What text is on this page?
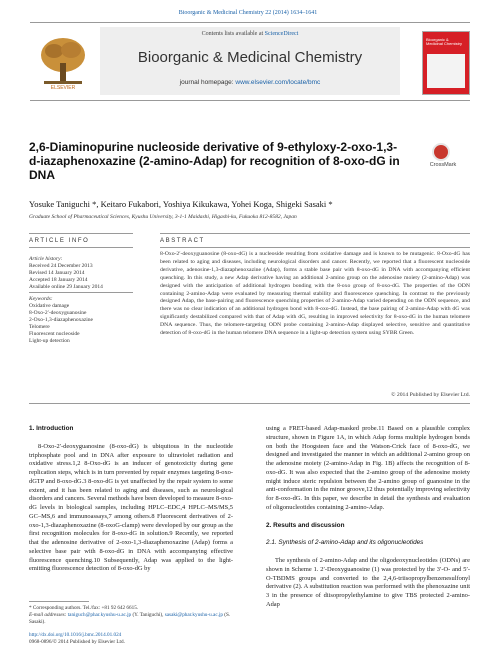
Bioorganic & Medicinal Chemistry 22 (2014) 1634–1641
ELSEVIER
Contents lists available at ScienceDirect
Bioorganic & Medicinal Chemistry
journal homepage: www.elsevier.com/locate/bmc
Bioorganic & Medicinal Chemistry
2,6-Diaminopurine nucleoside derivative of 9-ethyloxy-2-oxo-1,3-d-iazaphenoxazine (2-amino-Adap) for recognition of 8-oxo-dG in DNA
CrossMark
Yosuke Taniguchi *, Keitaro Fukabori, Yoshiya Kikukawa, Yohei Koga, Shigeki Sasaki *
Graduate School of Pharmaceutical Sciences, Kyushu University, 3-1-1 Maidashi, Higashi-ku, Fukuoka 812-8582, Japan
ARTICLE INFO
Article history:
Received 24 December 2013
Revised 14 January 2014
Accepted 18 January 2014
Available online 29 January 2014
Keywords:
Oxidative damage
8-Oxo-2′-deoxyguanosine
2-Oxo-1,3-diazaphenoxazine
Telomere
Fluorescent nucleoside
Light-up detection
ABSTRACT

8-Oxo-2′-deoxyguanosine (8-oxo-dG) is a nucleoside resulting from oxidative damage and is known to be mutagenic. 8-Oxo-dG has been related to aging and diseases, including neurological disorders and cancer. Recently, we reported that a fluorescent nucleoside derivative, adenosine-1,3-diazaphenoxazine (Adap), forms a stable base pair with 8-oxo-dG in DNA with accompanying efficient quenching. In this study, a new Adap derivative having an additional 2-amino group on the adenosine moiety (2-amino-Adap) was designed with the anticipation of additional hydrogen bonding with the 8-oxo group of 8-oxo-dG. The properties of the ODN containing 2-amino-Adap were evaluated by measuring thermal stability and fluorescence quenching. In contrast to the previously designed Adap, the base-pairing and fluorescence quenching properties of 2-amino-Adap varied depending on the ODN sequence, and there was no clear indication of an additional hydrogen bond with 8-oxo-dG. Instead, the base pairing of 2-amino-Adap with dG was significantly destabilized compared with that of Adap with dG, resulting in improved selectivity for 8-oxo-dG in the human telomere DNA sequence. Thus, the telomere-targeting ODN probe containing 2-amino-Adap displayed selective, sensitive and quantitative detection of 8-oxo-dG in the human telomere DNA sequence in a light-up detection system using SYBR Green.

© 2014 Published by Elsevier Ltd.
1. Introduction

8-Oxo-2′-deoxyguanosine (8-oxo-dG) is ubiquitous in the nucleotide triphosphate pool and in DNA after exposure to ultraviolet radiation and oxidative stress.1,2 8-Oxo-dG is an inducer of genotoxicity during gene replication steps, which is in turn prevented by repair enzymes targeting 8-oxo-dGTP and 8-oxo-dG.3 8-oxo-dG is yet unaffected by the repair system to some extent, and it has been related to aging and diseases, such as neurological disorders and cancers. Several methods have been developed to measure 8-oxo-dG levels in biological samples, including HPLC–EDC,4 HPLC–MS/MS,5 GC–MS,6 and immunoassays,7 among others.8 Fluorescent derivatives of 2-oxo-1,3-diazaphenoxazine (8-oxoG-clamp) were developed by our group as the first recognition molecules for 8-oxo-dG in solution.9 Recently, we reported that the adenosine derivative of 2-oxo-1,3-diazaphenoxazine (Adap) forms a selective base pair with 8-oxo-dG in DNA with accompanying effective fluorescence quenching.10 Subsequently, Adap was applied to the light-emitting fluorescence detection of 8-oxo-dG by

using a FRET-based Adap-masked probe.11 Based on a plausible complex structure, shown in Figure 1A, in which Adap forms multiple hydrogen bonds on both the Hoogsteen face and the Watson-Crick face of 8-oxo-dG, we designed and investigated the manner in which an additional 2-amino group on the adenosine moiety (2-amino-Adap in Fig. 1B) affects the recognition of 8-oxo-dG. It was also expected that the 2-amino group of the adenosine moiety might induce steric repulsion between the 2-amino group of guanosine in the anti-conformation in the minor groove,12 thus potentially improving selectivity for 8-oxo-dG. In this paper, we describe in detail the synthesis and evaluation of oligonucleotides containing 2-amino-Adap.

2. Results and discussion
2.1. Synthesis of 2-amino-Adap and its oligonucleotides

The synthesis of 2-amino-Adap and the oligodeoxynucleotides (ODNs) are shown in Scheme 1. 2′-Deoxyguanosine (1) was protected by the 3′-O- and 5′-O-TBDMS groups and converted to the 2,4,6-triisopropylbenzenesulfonyl derivative (2). A substitution reaction was performed with the phenoxazine unit 3 in the presence of diisopropylethylamine to give TBS protected 2-amino-Adap

* Corresponding authors. Tel./fax: +81 92 642 6615.
E-mail addresses: taniguch@phar.kyushu-u.ac.jp (Y. Taniguchi), sasaki@phar.kyushu-u.ac.jp (S. Sasaki).
http://dx.doi.org/10.1016/j.bmc.2014.01.024
0968-0896/© 2014 Published by Elsevier Ltd.
